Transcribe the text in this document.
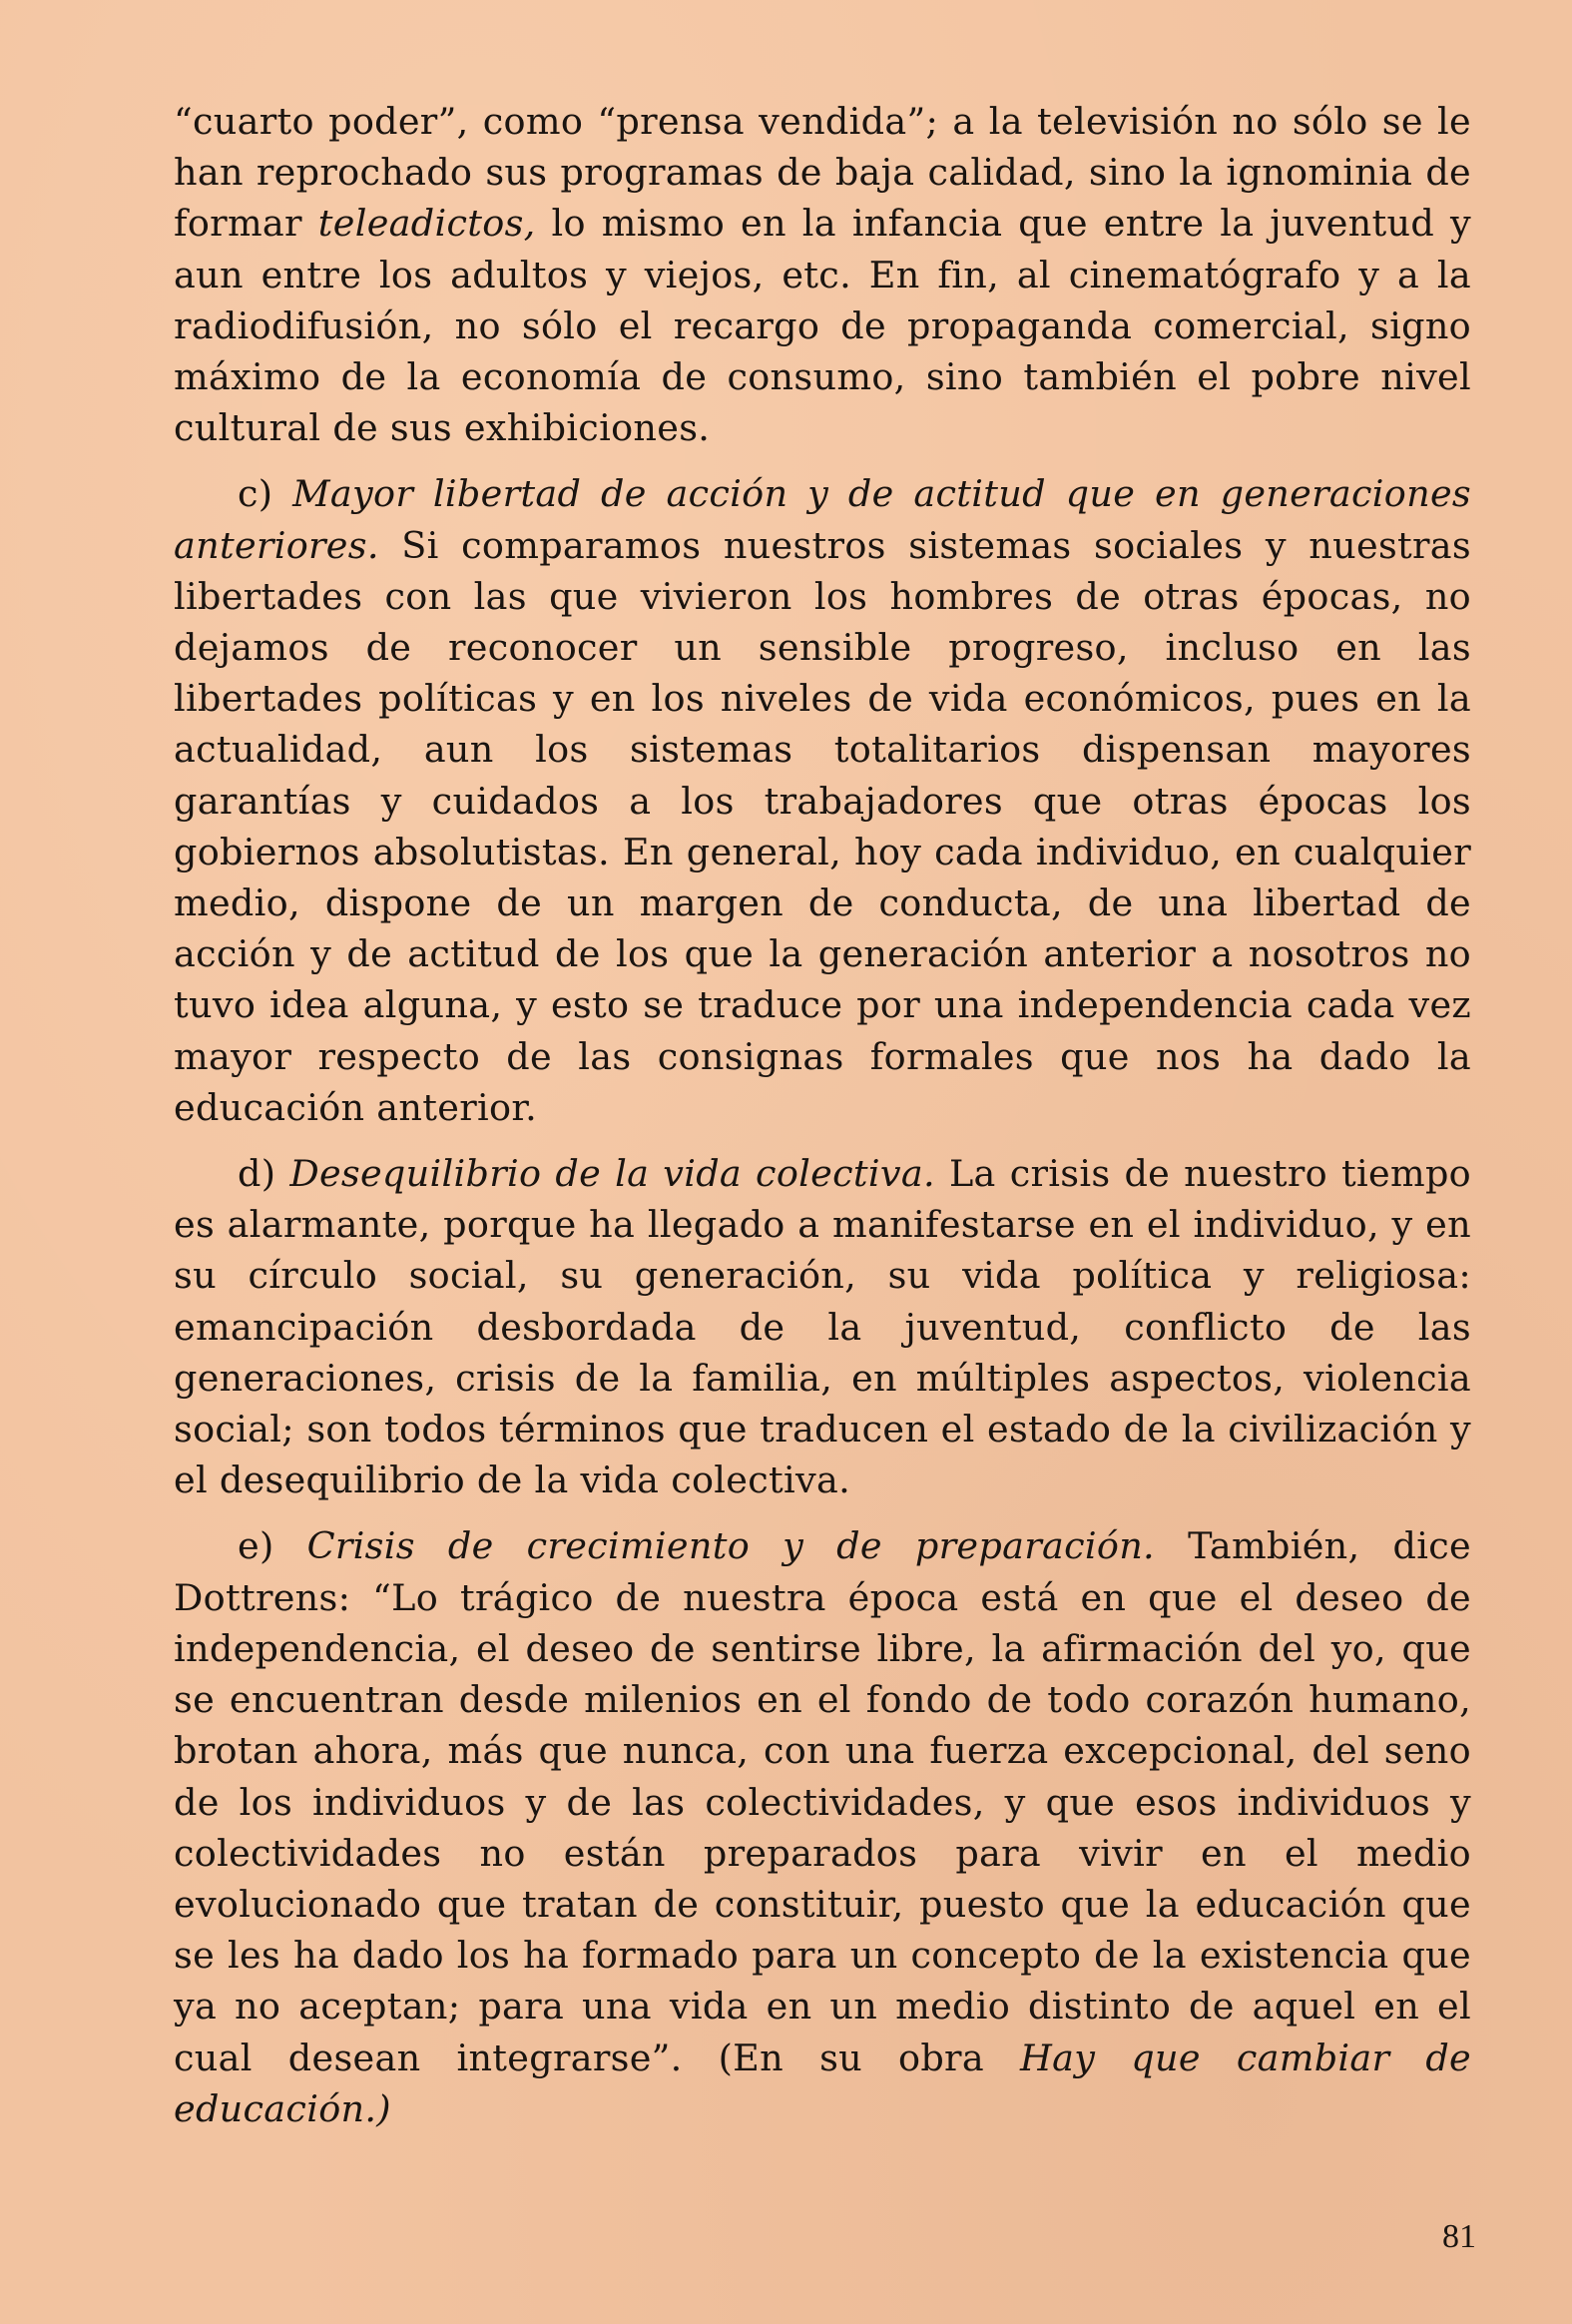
“cuarto poder”, como “prensa vendida”; a la televisión no sólo se le han reprochado sus programas de baja calidad, sino la ignominia de formar teleadictos, lo mismo en la infancia que entre la juventud y aun entre los adultos y viejos, etc. En fin, al cinematógrafo y a la radiodifusión, no sólo el recargo de propaganda comercial, signo máximo de la economía de consumo, sino también el pobre nivel cultural de sus exhibiciones.

c) Mayor libertad de acción y de actitud que en generaciones anteriores. Si comparamos nuestros sistemas sociales y nuestras libertades con las que vivieron los hombres de otras épocas, no dejamos de reconocer un sensible progreso, incluso en las libertades políticas y en los niveles de vida económicos, pues en la actualidad, aun los sistemas totalitarios dispensan mayores garantías y cuidados a los trabajadores que otras épocas los gobiernos absolutistas. En general, hoy cada individuo, en cualquier medio, dispone de un margen de conducta, de una libertad de acción y de actitud de los que la generación anterior a nosotros no tuvo idea alguna, y esto se traduce por una independencia cada vez mayor respecto de las consignas formales que nos ha dado la educación anterior.

d) Desequilibrio de la vida colectiva. La crisis de nuestro tiempo es alarmante, porque ha llegado a manifestarse en el individuo, y en su círculo social, su generación, su vida política y religiosa: emancipación desbordada de la juventud, conflicto de las generaciones, crisis de la familia, en múltiples aspectos, violencia social; son todos términos que traducen el estado de la civilización y el desequilibrio de la vida colectiva.

e) Crisis de crecimiento y de preparación. También, dice Dottrens: “Lo trágico de nuestra época está en que el deseo de independencia, el deseo de sentirse libre, la afirmación del yo, que se encuentran desde milenios en el fondo de todo corazón humano, brotan ahora, más que nunca, con una fuerza excepcional, del seno de los individuos y de las colectividades, y que esos individuos y colectividades no están preparados para vivir en el medio evolucionado que tratan de constituir, puesto que la educación que se les ha dado los ha formado para un concepto de la existencia que ya no aceptan; para una vida en un medio distinto de aquel en el cual desean integrarse”. (En su obra Hay que cambiar de educación.)

81
